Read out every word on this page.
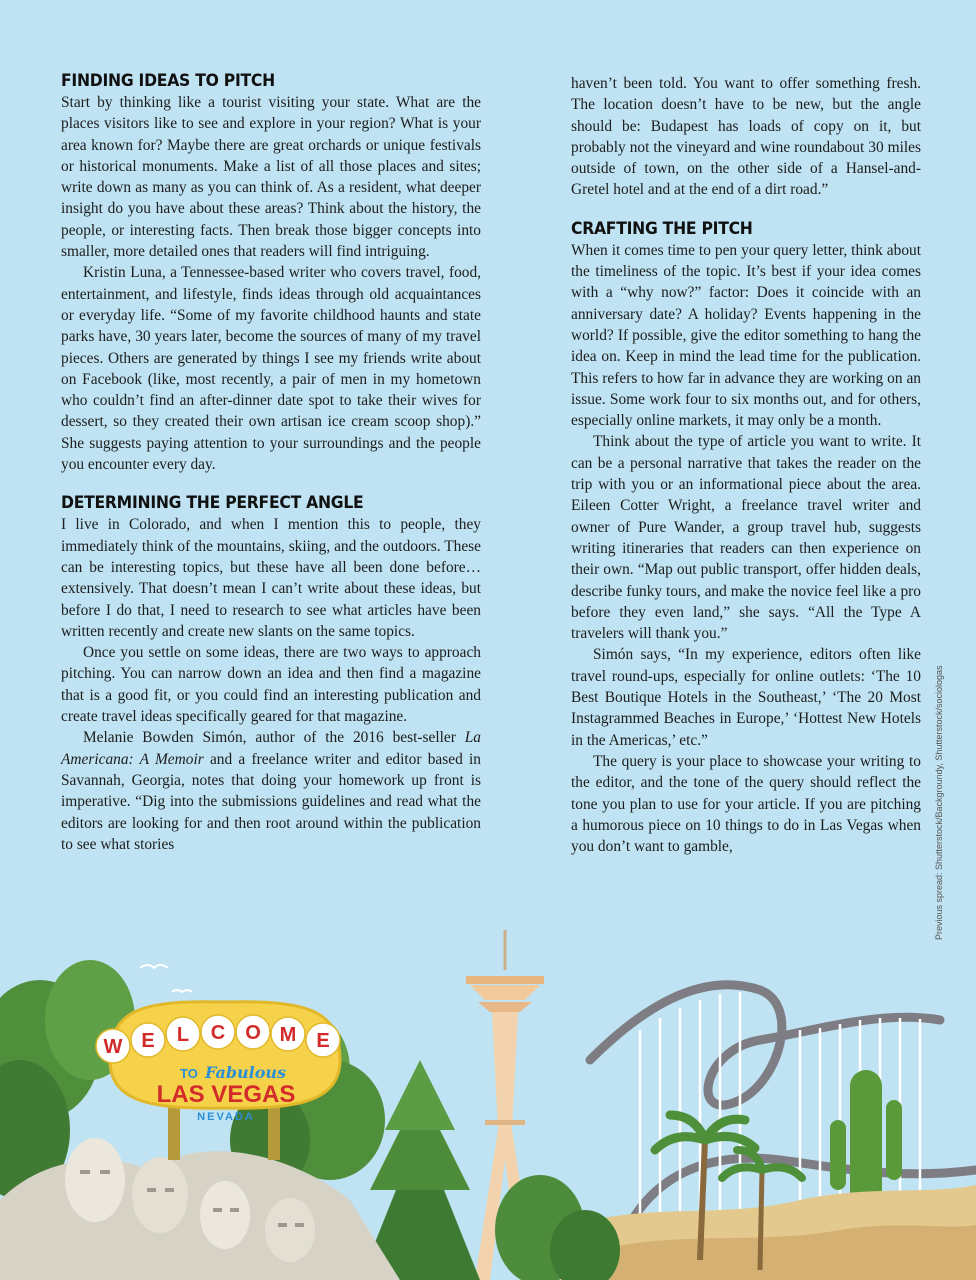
FINDING IDEAS TO PITCH

Start by thinking like a tourist visiting your state. What are the places visitors like to see and explore in your region? What is your area known for? Maybe there are great orchards or unique festivals or historical monuments. Make a list of all those places and sites; write down as many as you can think of. As a resident, what deeper insight do you have about these areas? Think about the history, the people, or interesting facts. Then break those bigger concepts into smaller, more detailed ones that readers will find intriguing.

Kristin Luna, a Tennessee-based writer who covers travel, food, entertainment, and lifestyle, finds ideas through old acquaintances or everyday life. “Some of my favorite childhood haunts and state parks have, 30 years later, become the sources of many of my travel pieces. Others are generated by things I see my friends write about on Facebook (like, most recently, a pair of men in my hometown who couldn’t find an after-dinner date spot to take their wives for dessert, so they created their own artisan ice cream scoop shop).” She suggests paying attention to your surroundings and the people you encounter every day.

DETERMINING THE PERFECT ANGLE

I live in Colorado, and when I mention this to people, they immediately think of the mountains, skiing, and the outdoors. These can be interesting topics, but these have all been done before…extensively. That doesn’t mean I can’t write about these ideas, but before I do that, I need to research to see what articles have been written recently and create new slants on the same topics.

Once you settle on some ideas, there are two ways to approach pitching. You can narrow down an idea and then find a magazine that is a good fit, or you could find an interesting publication and create travel ideas specifically geared for that magazine.

Melanie Bowden Simón, author of the 2016 best-seller La Americana: A Memoir and a freelance writer and editor based in Savannah, Georgia, notes that doing your homework up front is imperative. “Dig into the submissions guidelines and read what the editors are looking for and then root around within the publication to see what stories

haven’t been told. You want to offer something fresh. The location doesn’t have to be new, but the angle should be: Budapest has loads of copy on it, but probably not the vineyard and wine roundabout 30 miles outside of town, on the other side of a Hansel-and-Gretel hotel and at the end of a dirt road.”

CRAFTING THE PITCH

When it comes time to pen your query letter, think about the timeliness of the topic. It’s best if your idea comes with a “why now?” factor: Does it coincide with an anniversary date? A holiday? Events happening in the world? If possible, give the editor something to hang the idea on. Keep in mind the lead time for the publication. This refers to how far in advance they are working on an issue. Some work four to six months out, and for others, especially online markets, it may only be a month.

Think about the type of article you want to write. It can be a personal narrative that takes the reader on the trip with you or an informational piece about the area. Eileen Cotter Wright, a freelance travel writer and owner of Pure Wander, a group travel hub, suggests writing itineraries that readers can then experience on their own. “Map out public transport, offer hidden deals, describe funky tours, and make the novice feel like a pro before they even land,” she says. “All the Type A travelers will thank you.”

Simón says, “In my experience, editors often like travel round-ups, especially for online outlets: ‘The 10 Best Boutique Hotels in the Southeast,’ ‘The 20 Most Instagrammed Beaches in Europe,’ ‘Hottest New Hotels in the Americas,’ etc.”

The query is your place to showcase your writing to the editor, and the tone of the query should reflect the tone you plan to use for your article. If you are pitching a humorous piece on 10 things to do in Las Vegas when you don’t want to gamble,	Previous spread: Shutterstock/Backgroundy, Shutterstock/sociologas
W E L C O M E
TO Fabulous
LAS VEGAS
NEVADA
